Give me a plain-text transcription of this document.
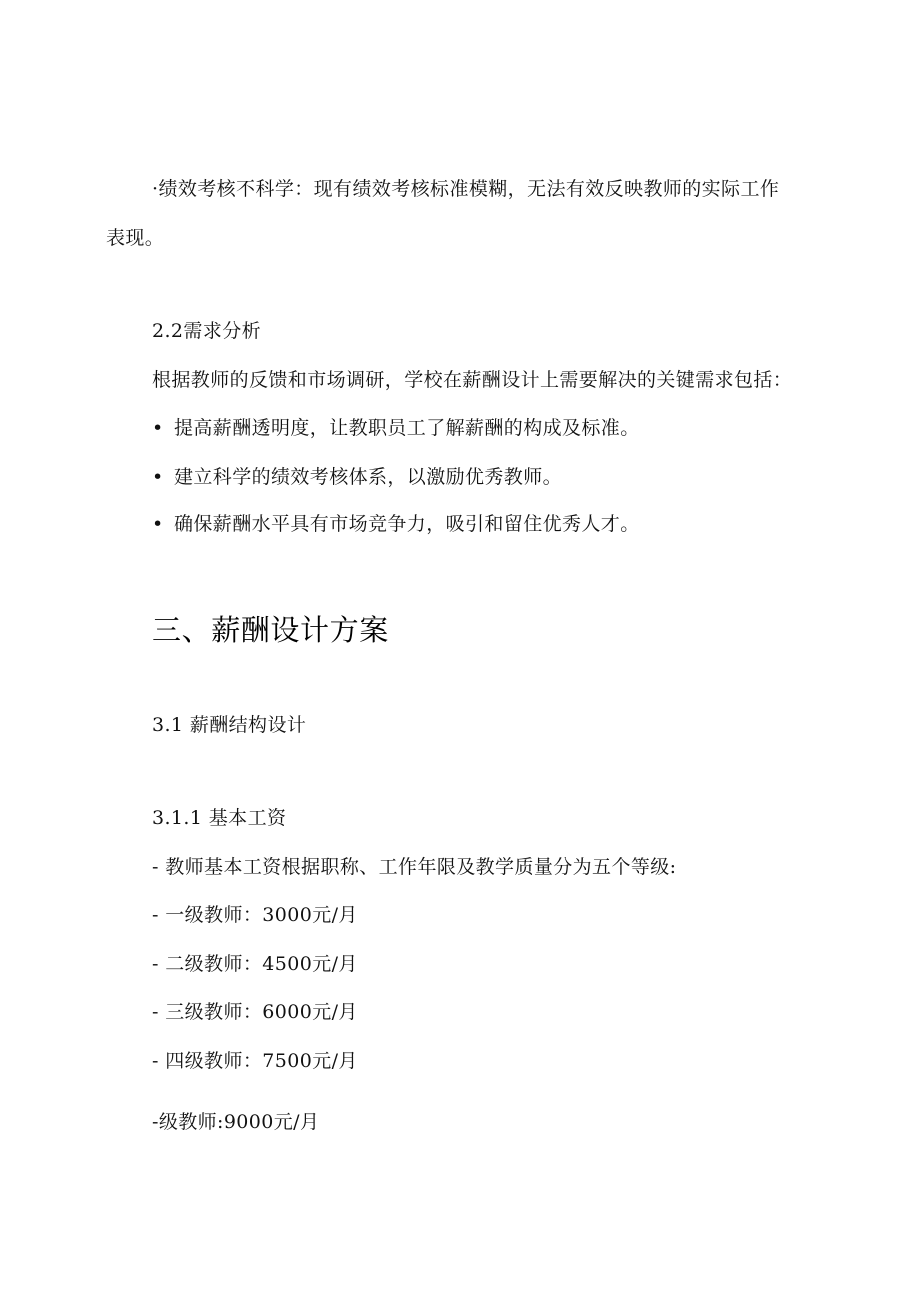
·绩效考核不科学：现有绩效考核标准模糊，无法有效反映教师的实际工作
表现。
2.2需求分析
根据教师的反馈和市场调研，学校在薪酬设计上需要解决的关键需求包括：
• 提高薪酬透明度，让教职员工了解薪酬的构成及标准。
• 建立科学的绩效考核体系，以激励优秀教师。
• 确保薪酬水平具有市场竞争力，吸引和留住优秀人才。
三、薪酬设计方案
3.1 薪酬结构设计
3.1.1 基本工资
- 教师基本工资根据职称、工作年限及教学质量分为五个等级:
- 一级教师：3000元/月
- 二级教师：4500元/月
- 三级教师：6000元/月
- 四级教师：7500元/月
-级教师:9000元/月
